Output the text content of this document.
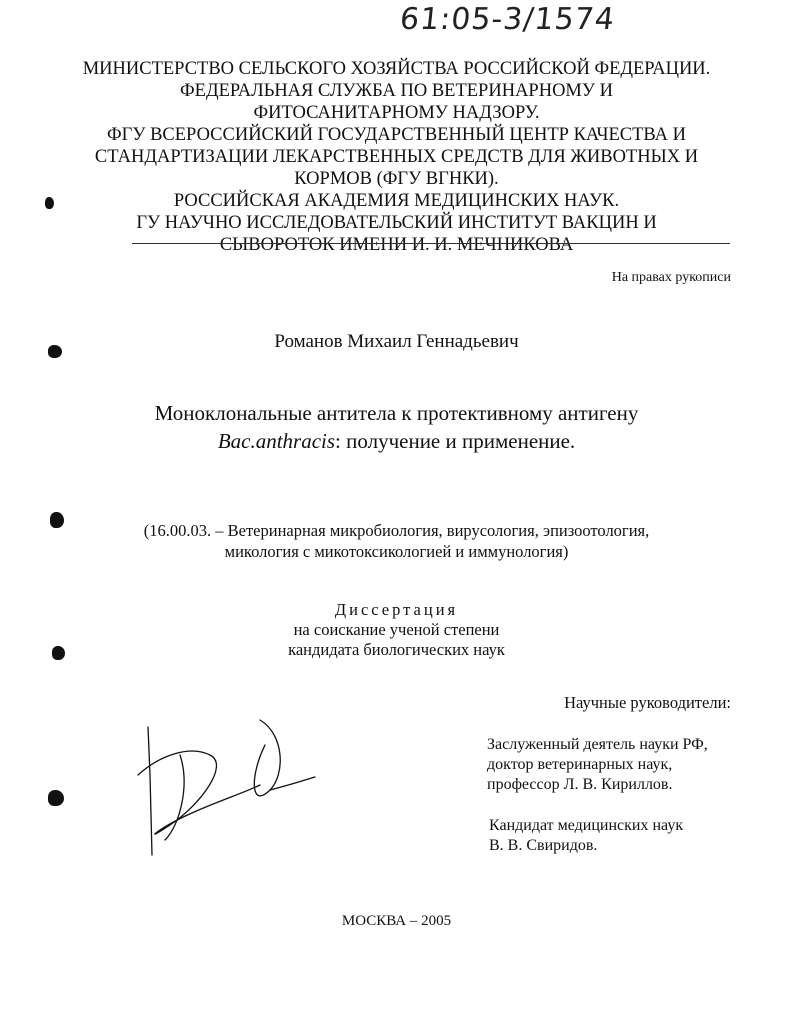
61:05-3/1574
МИНИСТЕРСТВО СЕЛЬСКОГО ХОЗЯЙСТВА РОССИЙСКОЙ ФЕДЕРАЦИИ.
ФЕДЕРАЛЬНАЯ СЛУЖБА ПО ВЕТЕРИНАРНОМУ И
ФИТОСАНИТАРНОМУ НАДЗОРУ.
ФГУ ВСЕРОССИЙСКИЙ ГОСУДАРСТВЕННЫЙ ЦЕНТР КАЧЕСТВА И
СТАНДАРТИЗАЦИИ ЛЕКАРСТВЕННЫХ СРЕДСТВ ДЛЯ ЖИВОТНЫХ И
КОРМОВ (ФГУ ВГНКИ).
РОССИЙСКАЯ АКАДЕМИЯ МЕДИЦИНСКИХ НАУК.
ГУ НАУЧНО ИССЛЕДОВАТЕЛЬСКИЙ ИНСТИТУТ ВАКЦИН И
СЫВОРОТОК ИМЕНИ И. И. МЕЧНИКОВА
На правах рукописи
Романов Михаил Геннадьевич
Моноклональные антитела к протективному антигену
Bac.anthracis: получение и применение.
(16.00.03. – Ветеринарная микробиология, вирусология, эпизоотология,
микология с микотоксикологией и иммунология)
Диссертация
на соискание ученой степени
кандидата биологических наук
Научные руководители:
Заслуженный деятель науки РФ,
доктор ветеринарных наук,
профессор Л. В. Кириллов.
Кандидат медицинских наук
В. В. Свиридов.
МОСКВА – 2005
